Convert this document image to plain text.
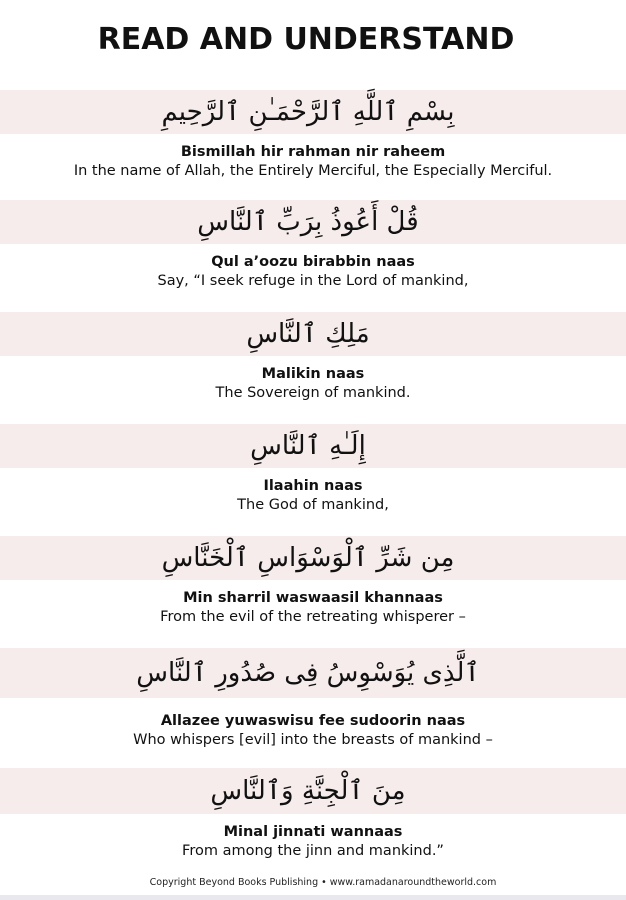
READ AND UNDERSTAND
بِسْمِ ٱللَّهِ ٱلرَّحْمَـٰنِ ٱلرَّحِيمِ
Bismillah hir rahman nir raheem
In the name of Allah, the Entirely Merciful, the Especially Merciful.
قُلْ أَعُوذُ بِرَبِّ ٱلنَّاسِ
Qul a’oozu birabbin naas
Say, “I seek refuge in the Lord of mankind,
مَلِكِ ٱلنَّاسِ
Malikin naas
The Sovereign of mankind.
إِلَـٰهِ ٱلنَّاسِ
Ilaahin naas
The God of mankind,
مِن شَرِّ ٱلْوَسْوَاسِ ٱلْخَنَّاسِ
Min sharril waswaasil khannaas
From the evil of the retreating whisperer –
ٱلَّذِى يُوَسْوِسُ فِى صُدُورِ ٱلنَّاسِ
Allazee yuwaswisu fee sudoorin naas
Who whispers [evil] into the breasts of mankind –
مِنَ ٱلْجِنَّةِ وَٱلنَّاسِ
Minal jinnati wannaas
From among the jinn and mankind.”
Copyright Beyond Books Publishing • www.ramadanaroundtheworld.com
